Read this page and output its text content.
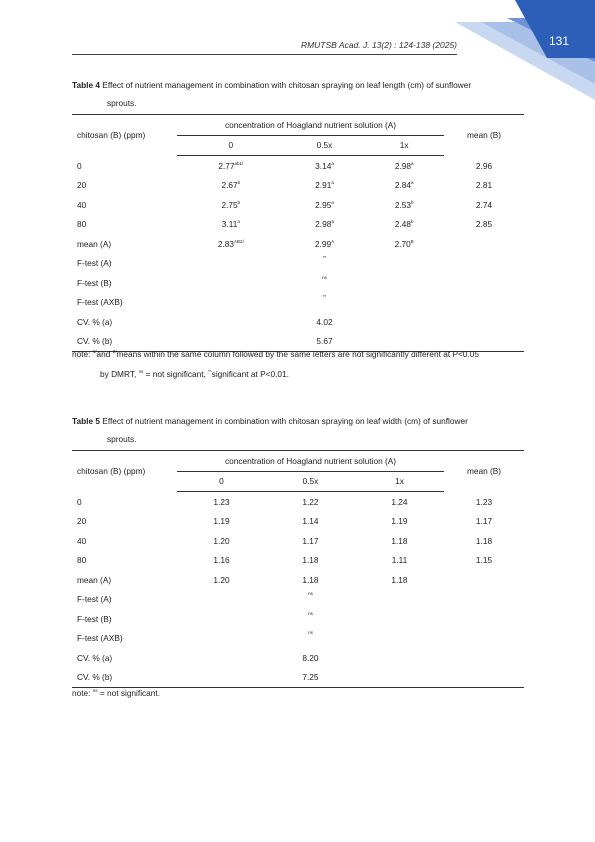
131
RMUTSB Acad. J. 13(2) : 124-138 (2025)
Table 4 Effect of nutrient management in combination with chitosan spraying on leaf length (cm) of sunflower
sprouts.
chitosan (B) (ppm)	concentration of Hoagland nutrient solution (A)			mean (B)
	0	0.5x	1x	
0	$2.77^{ab1/}$	3.14$^a$	2.98$^a$	2.96
20	2.67$^b$	2.91$^a$	2.84$^a$	2.81
40	2.75$^b$	2.95$^a$	2.53$^b$	2.74
80	3.11$^a$	2.98$^a$	2.48$^b$	2.85
mean (A)	$2.83^{AB2/}$	$2.99^A$	$2.70^B$	
F-test (A)		**		
F-test (B)		$^{ns}$		
F-test (AXB)		**		
CV. % (a)		4.02		
CV. % (b)		5.67		
note: $^{1/}$and $^{2/}$means within the same column followed by the same letters are not significantly different at P<0.05
by DMRT, $^{ns}$ = not significant, **significant at P<0.01.
Table 5 Effect of nutrient management in combination with chitosan spraying on leaf width (cm) of sunflower
sprouts.
chitosan (B) (ppm)	concentration of Hoagland nutrient solution (A)			mean (B)
	0	0.5x	1x	
0	1.23	1.22	1.24	1.23
20	1.19	1.14	1.19	1.17
40	1.20	1.17	1.18	1.18
80	1.16	1.18	1.11	1.15
mean (A)	1.20	1.18	1.18	
F-test (A)		$^{ns}$		
F-test (B)		$^{ns}$		
F-test (AXB)		$^{ns}$		
CV. % (a)		8.20		
CV. % (b)		7.25		
note: $^{ns}$ = not significant.
